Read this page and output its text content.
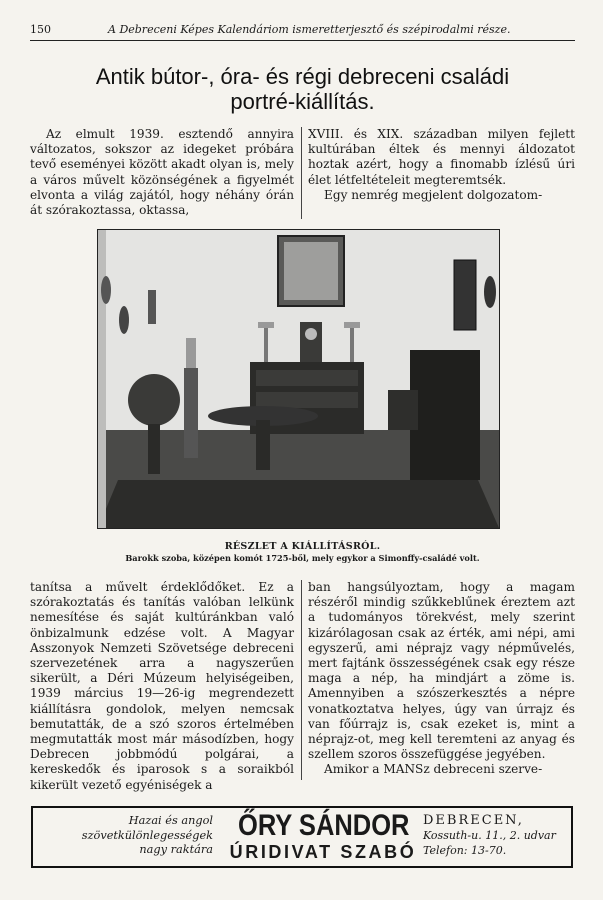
150	A Debreceni Képes Kalendáriom ismeretterjesztő és szépirodalmi része.
Antik bútor-, óra- és régi debreceni családi
portré-kiállítás.

Az elmult 1939. esztendő annyira változatos, sokszor az idegeket próbára tevő eseményei között akadt olyan is, mely a város művelt közönségének a figyelmét elvonta a világ zajától, hogy néhány órán át szórakoztassa, oktassa,

XVIII. és XIX. században milyen fejlett kultúrában éltek és mennyi áldozatot hoztak azért, hogy a finomabb ízlésű úri élet létfeltételeit megteremtsék.

Egy nemrég megjelent dolgozatom-

RÉSZLET A KIÁLLÍTÁSRÓL.
Barokk szoba, középen komót 1725-ből, mely egykor a Simonffy-családé volt.

tanítsa a művelt érdeklődőket. Ez a szórakoztatás és tanítás valóban lelkünk nemesítése és saját kultúránkban való önbizalmunk edzése volt. A Magyar Asszonyok Nemzeti Szövetsége debreceni szervezetének arra a nagyszerűen sikerült, a Déri Múzeum helyiségeiben, 1939 március 19—26-ig megrendezett kiállításra gondolok, melyen nemcsak bemutatták, de a szó szoros értelmében megmutatták most már másodízben, hogy Debrecen jobbmódú polgárai, a kereskedők és iparosok s a soraikból kikerült vezető egyéniségek a

ban hangsúlyoztam, hogy a magam részéről mindig szűkkeblűnek éreztem azt a tudományos törekvést, mely szerint kizárólagosan csak az érték, ami népi, ami egyszerű, ami néprajz vagy népművelés, mert fajtánk összességének csak egy része maga a nép, ha mindjárt a zöme is. Amennyiben a szószerkesztés a népre vonatkoztatva helyes, úgy van úrrajz és van főúrrajz is, csak ezeket is, mint a néprajz-ot, meg kell teremteni az anyag és szellem szoros összefüggése jegyében.

Amikor a MANSz debreceni szerve-

Hazai és angol
szövetkülönlegességek
nagy raktára
ŐRY SÁNDOR
ÚRIDIVAT SZABÓ
DEBRECEN,
Kossuth-u. 11., 2. udvar
Telefon: 13-70.
